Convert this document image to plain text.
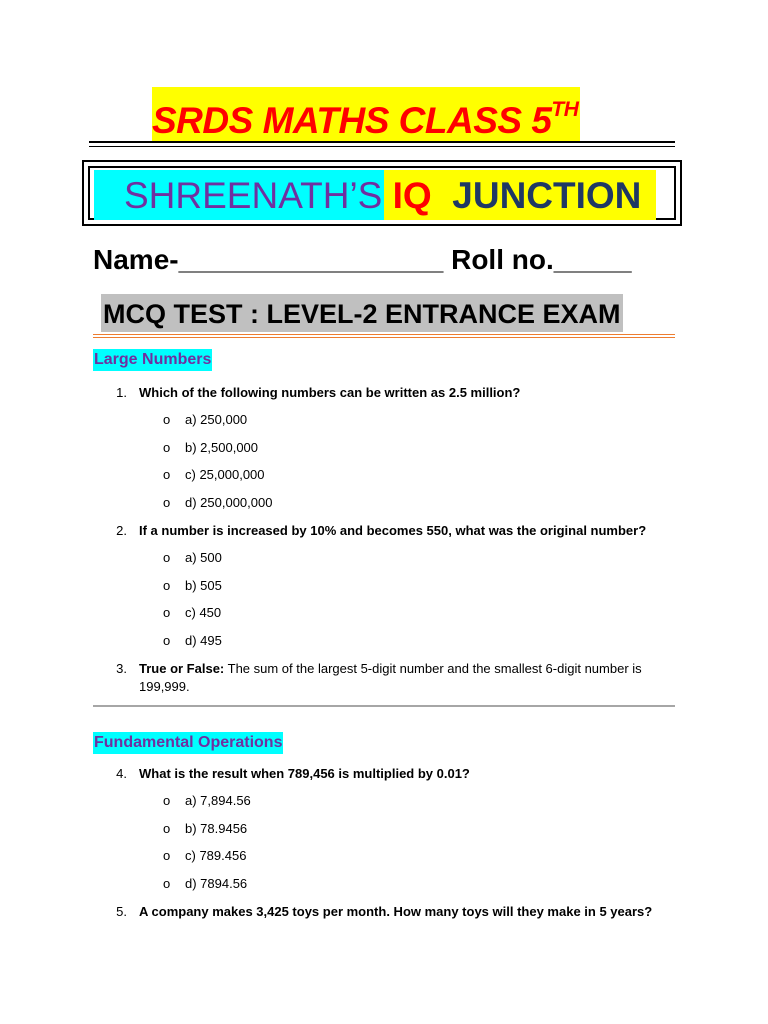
SRDS MATHS CLASS 5TH
SHREENATH’S IQ JUNCTION
Name-_________________ Roll no._____
MCQ TEST : LEVEL-2 ENTRANCE EXAM
Large Numbers
1. Which of the following numbers can be written as 2.5 million?
o a) 250,000
o b) 2,500,000
o c) 25,000,000
o d) 250,000,000
2. If a number is increased by 10% and becomes 550, what was the original number?
o a) 500
o b) 505
o c) 450
o d) 495
3. True or False: The sum of the largest 5-digit number and the smallest 6-digit number is
199,999.
Fundamental Operations
4. What is the result when 789,456 is multiplied by 0.01?
o a) 7,894.56
o b) 78.9456
o c) 789.456
o d) 7894.56
5. A company makes 3,425 toys per month. How many toys will they make in 5 years?
